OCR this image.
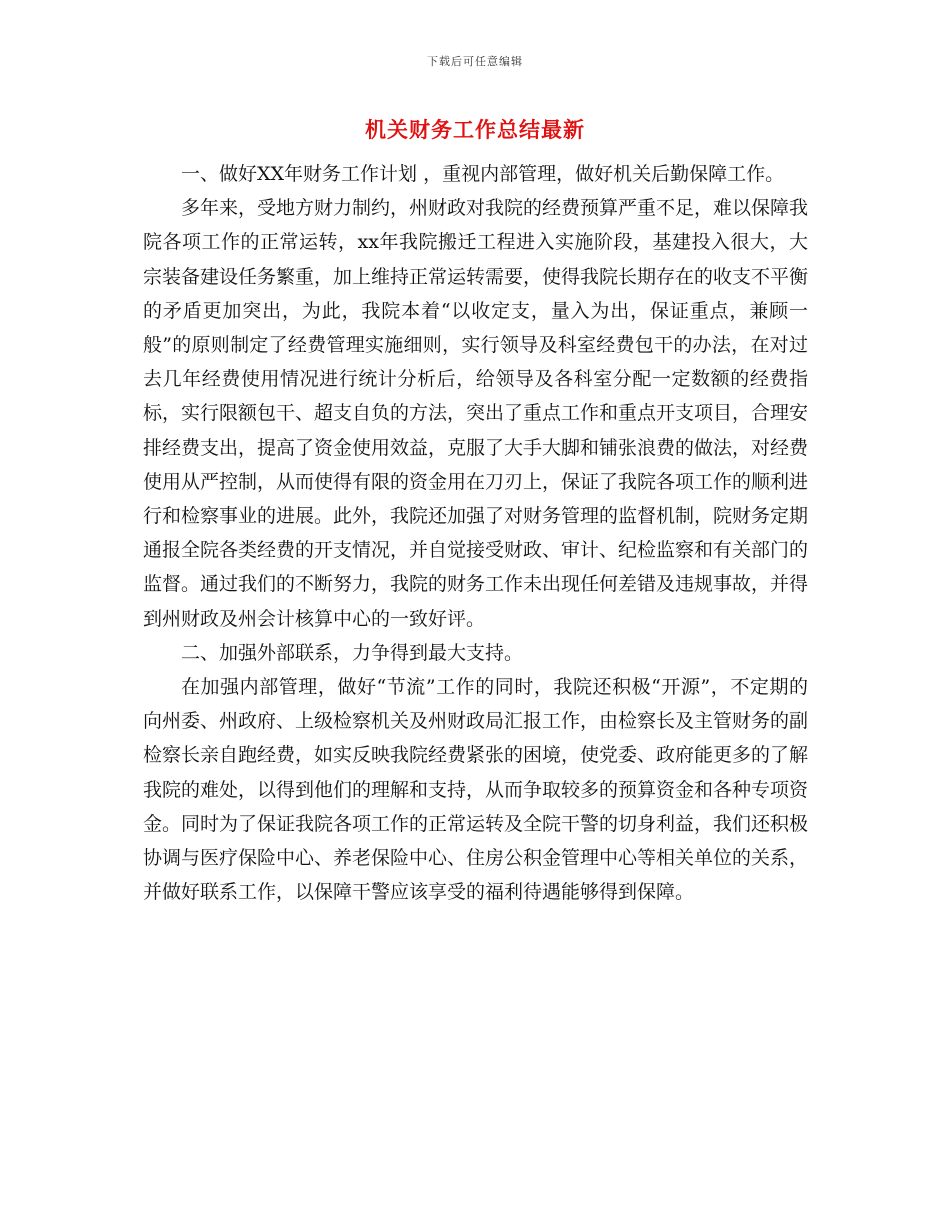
下载后可任意编辑
机关财务工作总结最新

一、做好XX年财务工作计划 ，重视内部管理，做好机关后勤保障工作。

多年来，受地方财力制约，州财政对我院的经费预算严重不足，难以保障我院各项工作的正常运转，xx年我院搬迁工程进入实施阶段，基建投入很大，大宗装备建设任务繁重，加上维持正常运转需要，使得我院长期存在的收支不平衡的矛盾更加突出，为此，我院本着“以收定支，量入为出，保证重点，兼顾一般”的原则制定了经费管理实施细则，实行领导及科室经费包干的办法，在对过去几年经费使用情况进行统计分析后，给领导及各科室分配一定数额的经费指标，实行限额包干、超支自负的方法，突出了重点工作和重点开支项目，合理安排经费支出，提高了资金使用效益，克服了大手大脚和铺张浪费的做法，对经费使用从严控制，从而使得有限的资金用在刀刃上，保证了我院各项工作的顺利进行和检察事业的进展。此外，我院还加强了对财务管理的监督机制，院财务定期通报全院各类经费的开支情况，并自觉接受财政、审计、纪检监察和有关部门的监督。通过我们的不断努力，我院的财务工作未出现任何差错及违规事故，并得到州财政及州会计核算中心的一致好评。

二、加强外部联系，力争得到最大支持。

在加强内部管理，做好“节流”工作的同时，我院还积极“开源”，不定期的向州委、州政府、上级检察机关及州财政局汇报工作，由检察长及主管财务的副检察长亲自跑经费，如实反映我院经费紧张的困境，使党委、政府能更多的了解我院的难处，以得到他们的理解和支持，从而争取较多的预算资金和各种专项资金。同时为了保证我院各项工作的正常运转及全院干警的切身利益，我们还积极协调与医疗保险中心、养老保险中心、住房公积金管理中心等相关单位的关系，并做好联系工作，以保障干警应该享受的福利待遇能够得到保障。
